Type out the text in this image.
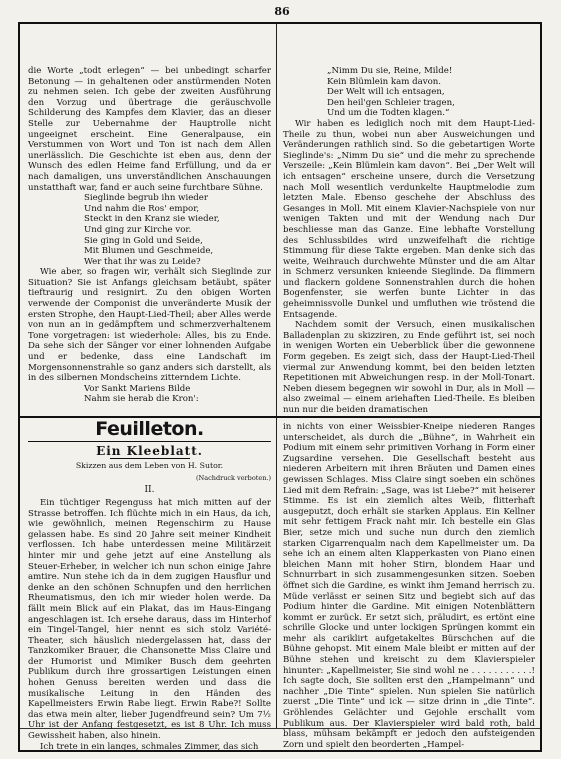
86

die Worte „todt erlegen“ — bei unbedingt scharfer Betonung — in gehaltenen oder anstürmenden Noten zu nehmen seien. Ich gebe der zweiten Ausführung den Vorzug und übertrage die geräuschvolle Schilderung des Kampfes dem Klavier, das an dieser Stelle zur Uebernahme der Hauptrolle nicht ungeeignet erscheint. Eine Generalpause, ein Verstummen von Wort und Ton ist nach dem Allen unerlässlich. Die Geschichte ist eben aus, denn der Wunsch des edlen Heime fand Erfüllung, und da er nach damaligen, uns unverständlichen Anschauungen unstatthaft war, fand er auch seine furchtbare Sühne.

Sieglinde begrub ihn wieder
Und nahm die Ros' empor,
Steckt in den Kranz sie wieder,
Und ging zur Kirche vor.
Sie ging in Gold und Seide,
Mit Blumen und Geschmeide,
Wer that ihr was zu Leide?

Wie aber, so fragen wir, verhält sich Sieglinde zur Situation? Sie ist Anfangs gleichsam betäubt, später tieftraurig und resignirt. Zu den obigen Worten verwende der Componist die unveränderte Musik der ersten Strophe, den Haupt-Lied-Theil; aber Alles werde von nun an in gedämpftem und schmerzverhaltenem Tone vorgetragen: ist wiederhole: Alles, bis zu Ende. Da sehe sich der Sänger vor einer lohnenden Aufgabe und er bedenke, dass eine Landschaft im Morgensonnenstrahle so ganz anders sich darstellt, als in des silbernen Mondscheins zitterndem Lichte.

Vor Sankt Mariens Bilde
Nahm sie herab die Kron':
„Nimm Du sie, Reine, Milde!
Kein Blümlein kam davon.
Der Welt will ich entsagen,
Den heil'gen Schleier tragen,
Und um die Todten klagen.“

Wir haben es lediglich noch mit dem Haupt-Lied-Theile zu thun, wobei nun aber Ausweichungen und Veränderungen rathlich sind. So die gebetartigen Worte Sieglinde's: „Nimm Du sie“ und die mehr zu sprechende Verszeile: „Kein Blümlein kam davon“. Bei „Der Welt will ich entsagen“ erscheine unsere, durch die Versetzung nach Moll wesentlich verdunkelte Hauptmelodie zum letzten Male. Ebenso geschehe der Abschluss des Gesanges in Moll. Mit einem Klavier-Nachspiele von nur wenigen Takten und mit der Wendung nach Dur beschliesse man das Ganze. Eine lebhafte Vorstellung des Schlussbildes wird unzweifelhaft die richtige Stimmung für diese Takte ergeben. Man denke sich das weite, Weihrauch durchwehte Münster und die am Altar in Schmerz versunken knieende Sieglinde. Da flimmern und flackern goldene Sonnenstrahlen durch die hohen Bogenfenster, sie werfen bunte Lichter in das geheimnissvolle Dunkel und umfluthen wie tröstend die Entsagende.

Nachdem somit der Versuch, einen musikalischen Balladenplan zu skizziren, zu Ende geführt ist, sei noch in wenigen Worten ein Ueberblick über die gewonnene Form gegeben. Es zeigt sich, dass der Haupt-Lied-Theil viermal zur Anwendung kommt, bei den beiden letzten Repetitionen mit Abweichungen resp. in der Moll-Tonart. Neben diesem begegnen wir sowohl in Dur, als in Moll — also zweimal — einem ariehaften Lied-Theile. Es bleiben nun nur die beiden dramatischen

Feuilleton.
Ein Kleeblatt.
Skizzen aus dem Leben von H. Sutor.
(Nachdruck verboten.)
II.

Ein tüchtiger Regenguss hat mich mitten auf der Strasse betroffen. Ich flüchte mich in ein Haus, da ich, wie gewöhnlich, meinen Regenschirm zu Hause gelassen habe. Es sind 20 Jahre seit meiner Kindheit verflossen. Ich habe unterdessen meine Militärzeit hinter mir und gehe jetzt auf eine Anstellung als Steuer-Erheber, in welcher ich nun schon einige Jahre amtire. Nun stehe ich da in dem zugigen Hausflur und denke an den schönen Schnupfen und den herrlichen Rheumatismus, den ich mir wieder holen werde. Da fällt mein Blick auf ein Plakat, das im Haus-Eingang angeschlagen ist. Ich ersehe daraus, dass im Hinterhof ein Tingel-Tangel, hier nennt es sich stolz Variété-Theater, sich häuslich niedergelassen hat, dass der Tanzkomiker Brauer, die Chansonette Miss Claire und der Humorist und Mimiker Busch dem geehrten Publikum durch ihre grossartigen Leistungen einen hohen Genuss bereiten werden und dass die musikalische Leitung in den Händen des Kapellmeisters Erwin Rabe liegt. Erwin Rabe?! Sollte das etwa mein alter, lieber Jugendfreund sein? Um 7½ Uhr ist der Anfang festgesetzt, es ist 8 Uhr. Ich muss Gewissheit haben, also hinein.

Ich trete in ein langes, schmales Zimmer, das sich

in nichts von einer Weissbier-Kneipe niederen Ranges unterscheidet, als durch die „Bühne“, in Wahrheit ein Podium mit einem sehr primitiven Vorhang in Form einer Zugsardine versehen. Die Gesellschaft besteht aus niederen Arbeitern mit ihren Bräuten und Damen eines gewissen Schlages. Miss Claire singt soeben ein schönes Lied mit dem Refrain: „Sage, was ist Liebe?“ mit heiserer Stimme. Es ist ein ziemlich altes Weib, flitterhaft ausgeputzt, doch erhält sie starken Applaus. Ein Kellner mit sehr fettigem Frack naht mir. Ich bestelle ein Glas Bier, setze mich und suche nun durch den ziemlich starken Cigarrenqualm nach dem Kapellmeister um. Da sehe ich an einem alten Klapperkasten von Piano einen bleichen Mann mit hoher Stirn, blondem Haar und Schnurrbart in sich zusammengesunken sitzen. Soeben öffnet sich die Gardine, es winkt ihm Jemand herrisch zu. Müde verlässt er seinen Sitz und begiebt sich auf das Podium hinter die Gardine. Mit einigen Notenblättern kommt er zurück. Er setzt sich, präludirt, es ertönt eine schrille Glocke und unter lockigen Sprüngen kommt ein mehr als cariklirt aufgetakeltes Bürschchen auf die Bühne gehopst. Mit einem Male bleibt er mitten auf der Bühne stehen und kreischt zu dem Klavierspieler hinunter: „Kapellmeister, Sie sind wohl ne . . . . . . . . . . .! Ich sagte doch, Sie sollten erst den „Hampelmann“ und nachher „Die Tinte“ spielen. Nun spielen Sie natürlich zuerst „Die Tinte“ und ick — sitze drinn in „die Tinte“. Gröhlendes Gelächter und Gejohle erschallt vom Publikum aus. Der Klavierspieler wird bald roth, bald blass, mühsam bekämpft er jedoch den aufsteigenden Zorn und spielt den beorderten „Hampel-
